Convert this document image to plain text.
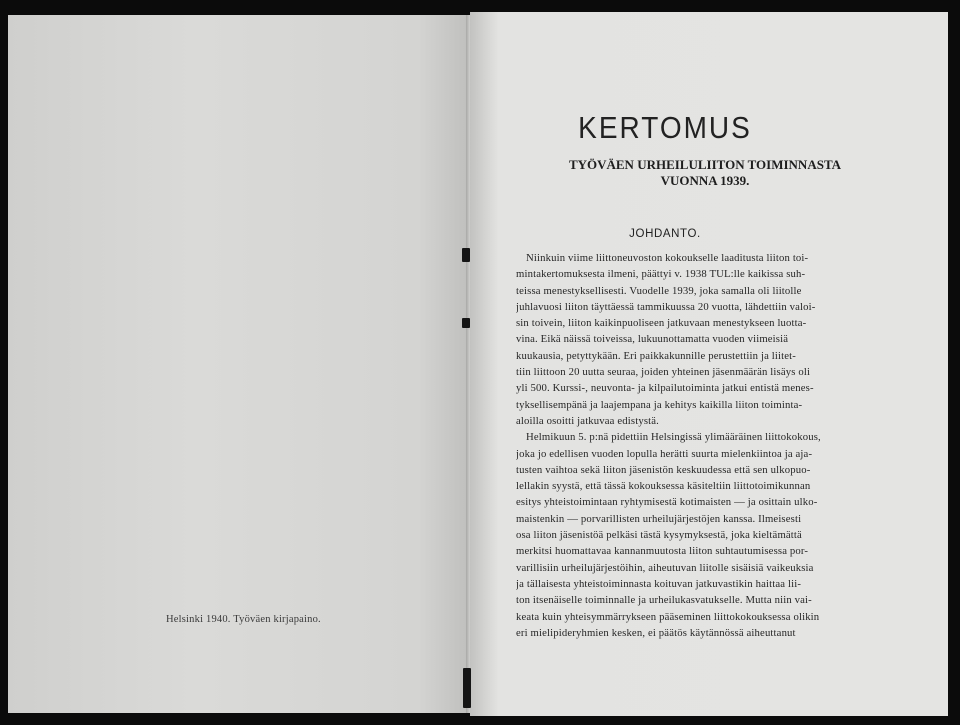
Helsinki 1940. Työväen kirjapaino.
KERTOMUS
TYÖVÄEN URHEILULIITON TOIMINNASTA
VUONNA 1939.
JOHDANTO.
Niinkuin viime liittoneuvoston kokoukselle laaditusta liiton toi-
mintakertomuksesta ilmeni, päättyi v. 1938 TUL:lle kaikissa suh-
teissa menestyksellisesti. Vuodelle 1939, joka samalla oli liitolle
juhlavuosi liiton täyttäessä tammikuussa 20 vuotta, lähdettiin valoi-
sin toivein, liiton kaikinpuoliseen jatkuvaan menestykseen luotta-
vina. Eikä näissä toiveissa, lukuunottamatta vuoden viimeisiä
kuukausia, petyttykään. Eri paikkakunnille perustettiin ja liitet-
tiin liittoon 20 uutta seuraa, joiden yhteinen jäsenmäärän lisäys oli
yli 500. Kurssi-, neuvonta- ja kilpailutoiminta jatkui entistä menes-
tyksellisempänä ja laajempana ja kehitys kaikilla liiton toiminta-
aloilla osoitti jatkuvaa edistystä.
Helmikuun 5. p:nä pidettiin Helsingissä ylimääräinen liittokokous,
joka jo edellisen vuoden lopulla herätti suurta mielenkiintoa ja aja-
tusten vaihtoa sekä liiton jäsenistön keskuudessa että sen ulkopuo-
lellakin syystä, että tässä kokouksessa käsiteltiin liittotoimikunnan
esitys yhteistoimintaan ryhtymisestä kotimaisten — ja osittain ulko-
maistenkin — porvarillisten urheilujärjestöjen kanssa. Ilmeisesti
osa liiton jäsenistöä pelkäsi tästä kysymyksestä, joka kieltämättä
merkitsi huomattavaa kannanmuutosta liiton suhtautumisessa por-
varillisiin urheilujärjestöihin, aiheutuvan liitolle sisäisiä vaikeuksia
ja tällaisesta yhteistoiminnasta koituvan jatkuvastikin haittaa lii-
ton itsenäiselle toiminnalle ja urheilukasvatukselle. Mutta niin vai-
keata kuin yhteisymmärrykseen pääseminen liittokokouksessa olikin
eri mielipideryhmien kesken, ei päätös käytännössä aiheuttanut
